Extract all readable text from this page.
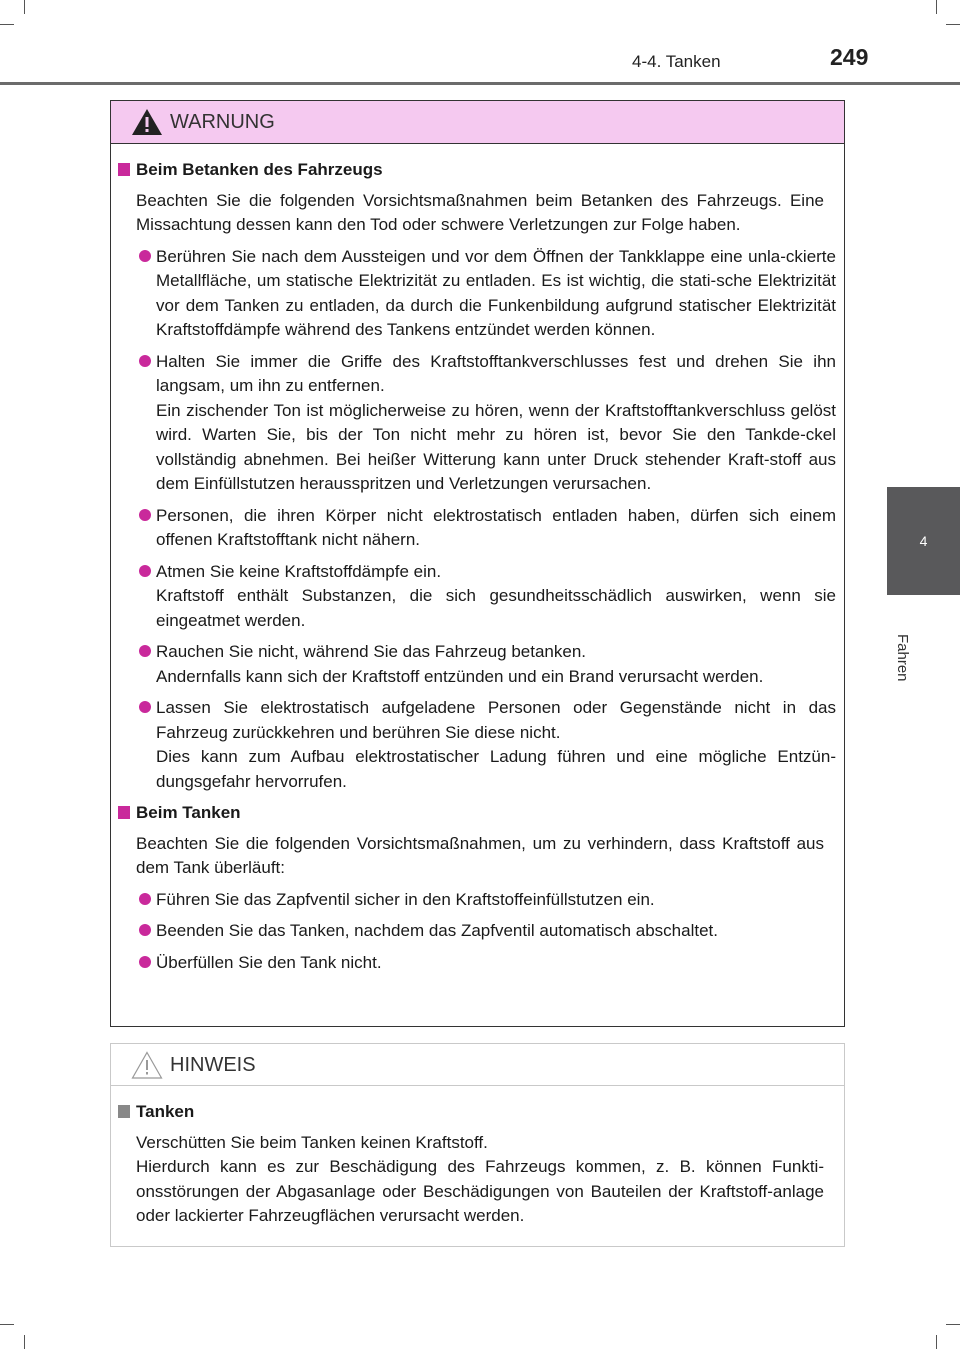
4-4. Tanken	249
4
Fahren
WARNUNG
Beim Betanken des Fahrzeugs
Beachten Sie die folgenden Vorsichtsmaßnahmen beim Betanken des Fahrzeugs. Eine Missachtung dessen kann den Tod oder schwere Verletzungen zur Folge haben.
Berühren Sie nach dem Aussteigen und vor dem Öffnen der Tankklappe eine unla-ckierte Metallfläche, um statische Elektrizität zu entladen. Es ist wichtig, die stati-sche Elektrizität vor dem Tanken zu entladen, da durch die Funkenbildung aufgrund statischer Elektrizität Kraftstoffdämpfe während des Tankens entzündet werden können.
Halten Sie immer die Griffe des Kraftstofftankverschlusses fest und drehen Sie ihn langsam, um ihn zu entfernen.
Ein zischender Ton ist möglicherweise zu hören, wenn der Kraftstofftankverschluss gelöst wird. Warten Sie, bis der Ton nicht mehr zu hören ist, bevor Sie den Tankde-ckel vollständig abnehmen. Bei heißer Witterung kann unter Druck stehender Kraft-stoff aus dem Einfüllstutzen herausspritzen und Verletzungen verursachen.
Personen, die ihren Körper nicht elektrostatisch entladen haben, dürfen sich einem offenen Kraftstofftank nicht nähern.
Atmen Sie keine Kraftstoffdämpfe ein.
Kraftstoff enthält Substanzen, die sich gesundheitsschädlich auswirken, wenn sie eingeatmet werden.
Rauchen Sie nicht, während Sie das Fahrzeug betanken.
Andernfalls kann sich der Kraftstoff entzünden und ein Brand verursacht werden.
Lassen Sie elektrostatisch aufgeladene Personen oder Gegenstände nicht in das Fahrzeug zurückkehren und berühren Sie diese nicht.
Dies kann zum Aufbau elektrostatischer Ladung führen und eine mögliche Entzün-dungsgefahr hervorrufen.
Beim Tanken
Beachten Sie die folgenden Vorsichtsmaßnahmen, um zu verhindern, dass Kraftstoff aus dem Tank überläuft:
Führen Sie das Zapfventil sicher in den Kraftstoffeinfüllstutzen ein.
Beenden Sie das Tanken, nachdem das Zapfventil automatisch abschaltet.
Überfüllen Sie den Tank nicht.
HINWEIS
Tanken
Verschütten Sie beim Tanken keinen Kraftstoff.
Hierdurch kann es zur Beschädigung des Fahrzeugs kommen, z. B. können Funkti-onsstörungen der Abgasanlage oder Beschädigungen von Bauteilen der Kraftstoff-anlage oder lackierter Fahrzeugflächen verursacht werden.
